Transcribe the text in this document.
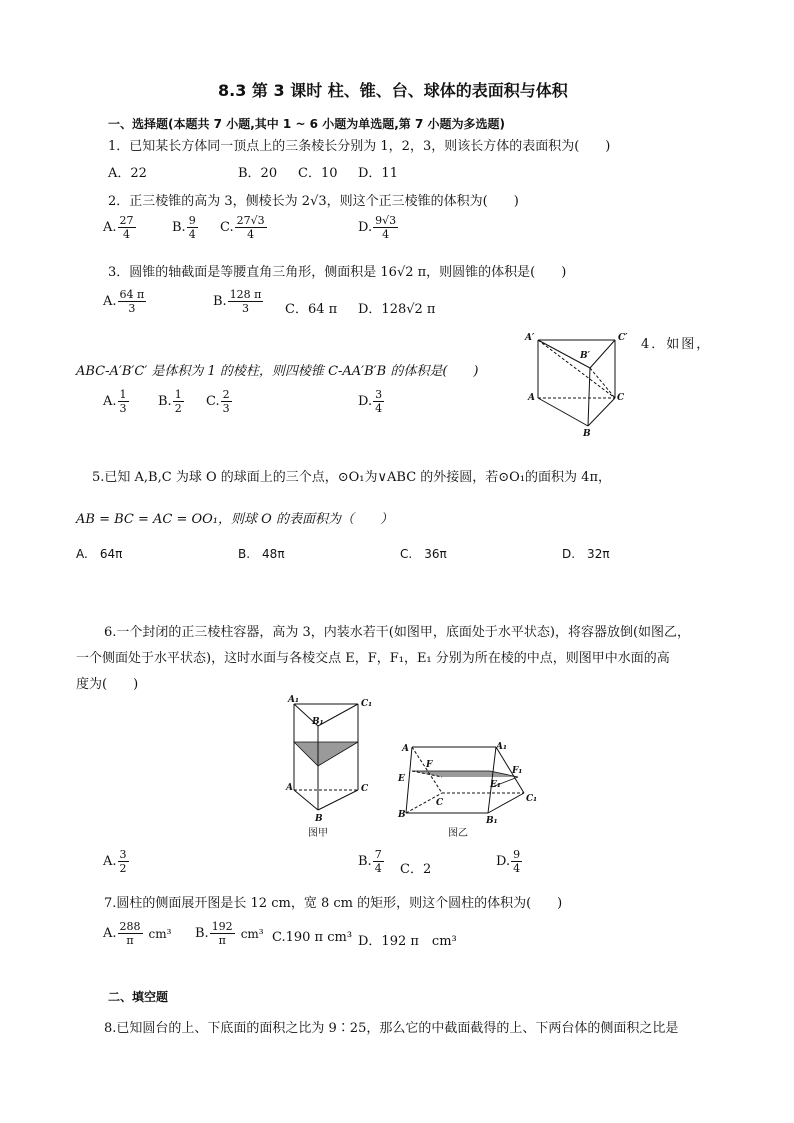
8.3 第 3 课时 柱、锥、台、球体的表面积与体积
一、选择题(本题共 7 小题,其中 1 ~ 6 小题为单选题,第 7 小题为多选题)
1．已知某长方体同一顶点上的三条棱长分别为 1，2，3，则该长方体的表面积为(　　)
A．22	B．20 C．10 D．11
2．正三棱锥的高为 3，侧棱长为 2√3，则这个正三棱锥的体积为(　　)
A. $\frac{27}{4}$	B. $\frac{9}{4} C$. $\frac{27√3}{4}$	D. $\frac{9√3}{4}$
3．圆锥的轴截面是等腰直角三角形，侧面积是 16√2 π，则圆锥的体积是(　　)
A. $\frac{64 \pi}{3}$	B. $\frac{128 \pi}{3}$ C．64 π D．128√2 π
A′	C′
B′
A	C
B
4．如图，
ABC-A′B′C′ 是体积为 1 的棱柱，则四棱锥 C-AA′B′B 的体积是(　　)
A. $\frac{1}{3} B$. $\frac{1}{2} C$. $\frac{2}{3}$	D. $\frac{3}{4}$
5.已知 A,B,C 为球 O 的球面上的三个点，⊙O₁为∨ABC 的外接圆，若⊙O₁的面积为 4π，
AB = BC = AC = OO₁，则球 O 的表面积为（　　）
A.　64π	B.　48π	C.　36π	D.　32π
6.一个封闭的正三棱柱容器，高为 3，内装水若干(如图甲，底面处于水平状态)，将容器放倒(如图乙，
一个侧面处于水平状态)，这时水面与各棱交点 E，F，F₁，E₁ 分别为所在棱的中点，则图甲中水面的高
度为(　　)
A₁
B₁
C₁
A	C
B
图甲
A	A₁
F
F₁
E
E₁
C	C₁
B
B₁
图乙
A. $\frac{3}{2}$	B. $\frac{7}{4}$ C．2
D. $\frac{9}{4}$
7.圆柱的侧面展开图是长 12 cm，宽 8 cm 的矩形，则这个圆柱的体积为(　　)
A. $\frac{288}{\pi} cm^3$ B. $\frac{192}{\pi} cm^3$ C.190 π cm³ D．192 π　cm³
二、填空题
8.已知圆台的上、下底面的面积之比为 9∶25，那么它的中截面截得的上、下两台体的侧面积之比是
